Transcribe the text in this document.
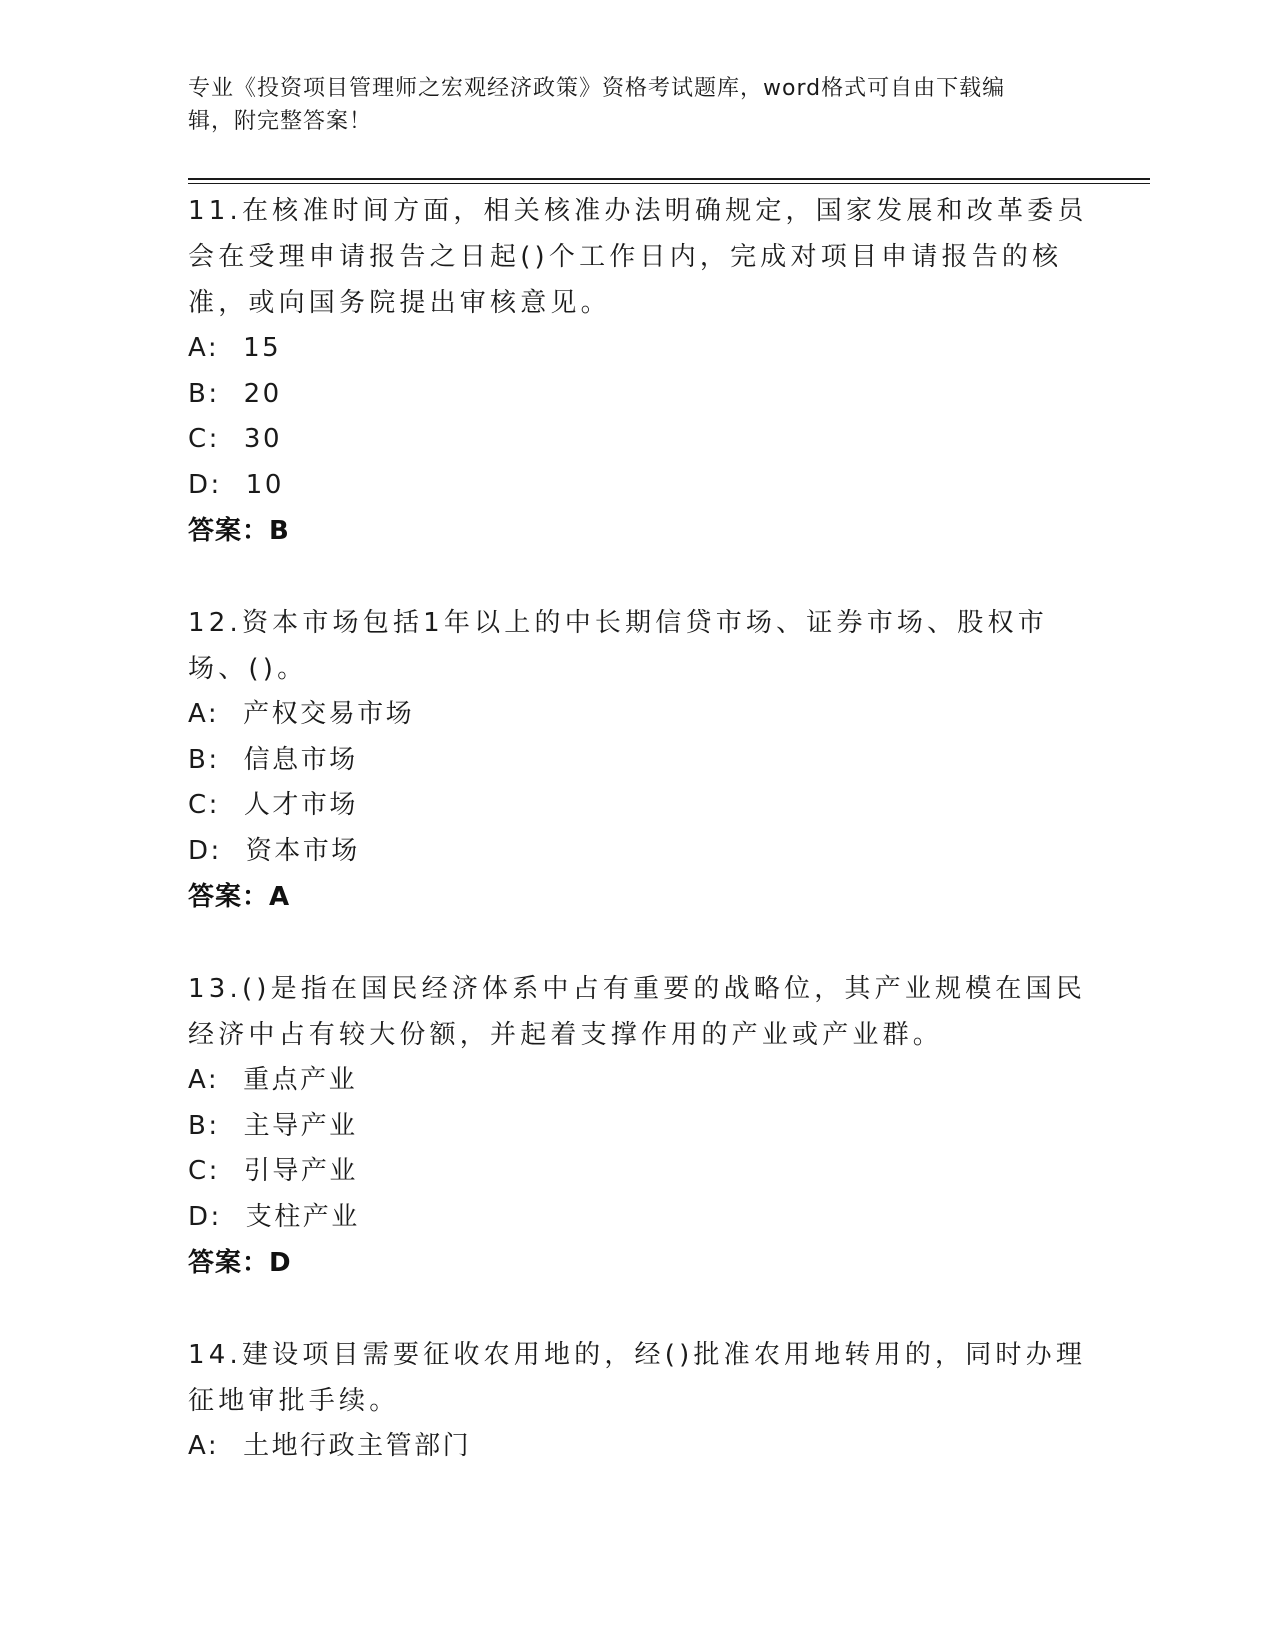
专业《投资项目管理师之宏观经济政策》资格考试题库，word格式可自由下载编
辑，附完整答案！

11.在核准时间方面，相关核准办法明确规定，国家发展和改革委员会在受理申请报告之日起()个工作日内，完成对项目申请报告的核准，或向国务院提出审核意见。

A: 15

B: 20

C: 30

D: 10

答案：B

12.资本市场包括1年以上的中长期信贷市场、证券市场、股权市场、()。

A: 产权交易市场

B: 信息市场

C: 人才市场

D: 资本市场

答案：A

13.()是指在国民经济体系中占有重要的战略位，其产业规模在国民经济中占有较大份额，并起着支撑作用的产业或产业群。

A: 重点产业

B: 主导产业

C: 引导产业

D: 支柱产业

答案：D

14.建设项目需要征收农用地的，经()批准农用地转用的，同时办理征地审批手续。

A: 土地行政主管部门
